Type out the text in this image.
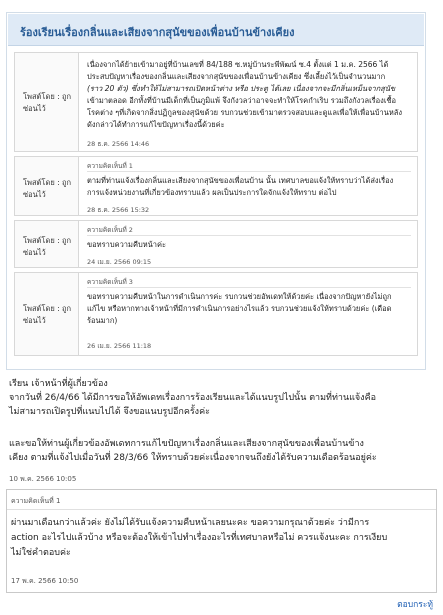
ร้องเรียนเรื่องกลิ่นและเสียงจากสุนัขของเพื่อนบ้านข้างเคียง
โพสต์โดย : ถูก
ซ่อนไว้
เนื่องจากได้ย้ายเข้ามาอยู่ที่บ้านเลขที่ 84/188 ซ.หมู่บ้านระพีพัฒน์ ซ.4 ตั้งแต่ 1 ม.ค. 2566 ได้
ประสบปัญหาเรื่องของกลิ่นและเสียงจากสุนัขของเพื่อนบ้านข้างเคียง ซึ่งเลี้ยงไว้เป็นจำนวนมาก
(ราว 20 ตัว) ซึ่งทำให้ไม่สามารถเปิดหน้าต่าง หรือ ประตู ได้เลย เนื่องจากจะมีกลิ่นเหม็นจากสุนัข
เข้ามาตลอด อีกทั้งที่บ้านมีเด็กที่เป็นภูมิแพ้ จึงกังวลว่าอาจจะทำให้โรคกำเริบ รวมถึงกังวลเรื่องเชื้อ
โรคต่าง ๆที่เกิดจากสิ่งปฏิกูลของสุนัขด้วย รบกวนช่วยเข้ามาตรวจสอบและดูแลเพื่อให้เพื่อนบ้านหลัง
ดังกล่าวได้ทำการแก้ไขปัญหาเรื่องนี้ด้วยค่ะ
28 ธ.ค. 2566 14:46
โพสต์โดย : ถูก
ซ่อนไว้
ความคิดเห็นที่ 1
ตามที่ท่านแจ้งเรื่องกลิ่นและเสียงจากสุนัขของเพื่อนบ้าน นั้น เทศบาลขอแจ้งให้ทราบว่าได้ส่งเรื่อง
การแจ้งหน่วยงานที่เกี่ยวข้องทราบแล้ว ผลเป็นประการใดจักแจ้งให้ทราบ ต่อไป
28 ธ.ค. 2566 15:32
โพสต์โดย : ถูก
ซ่อนไว้
ความคิดเห็นที่ 2
ขอทราบความคืบหน้าค่ะ
24 เม.ย. 2566 09:15
โพสต์โดย : ถูก
ซ่อนไว้
ความคิดเห็นที่ 3
ขอทราบความคืบหน้าในการดำเนินการค่ะ รบกวนช่วยอัพเดทให้ด้วยค่ะ เนื่องจากปัญหายังไม่ถูก
แก้ไข หรือหากทางเจ้าหน้าที่มีการดำเนินการอย่างไรแล้ว รบกวนช่วยแจ้งให้ทราบด้วยค่ะ (เดือด
ร้อนมาก)
26 เม.ย. 2566 11:18
เรียน เจ้าหน้าที่ผู้เกี่ยวข้อง
จากวันที่ 26/4/66 ได้มีการขอให้อัพเดทเรื่องการร้องเรียนและได้แนบรูปไปนั้น ตามที่ท่านแจ้งคือ
ไม่สามารถเปิดรูปที่แนบไปได้ จึงขอแนบรูปอีกครั้งค่ะ
และขอให้ท่านผู้เกี่ยวข้องอัพเดทการแก้ไขปัญหาเรื่องกลิ่นและเสียงจากสุนัขของเพื่อนบ้านข้าง
เคียง ตามที่แจ้งไปเมื่อวันที่ 28/3/66 ให้ทราบด้วยค่ะเนื่องจากจนถึงยังได้รับความเดือดร้อนอยู่ค่ะ
10 พ.ค. 2566 10:05
ความคิดเห็นที่ 1
ผ่านมาเดือนกว่าแล้วค่ะ ยังไม่ได้รับแจ้งความคืบหน้าเลยนะคะ ขอความกรุณาด้วยค่ะ ว่ามีการ
action อะไรไปแล้วบ้าง หรือจะต้องให้เข้าไปทำเรื่องอะไรที่เทศบาลหรือไม่ ควรแจ้งนะคะ การเงียบ
ไม่ใช่คำตอบค่ะ
17 พ.ค. 2566 10:50
ตอบกระทู้
